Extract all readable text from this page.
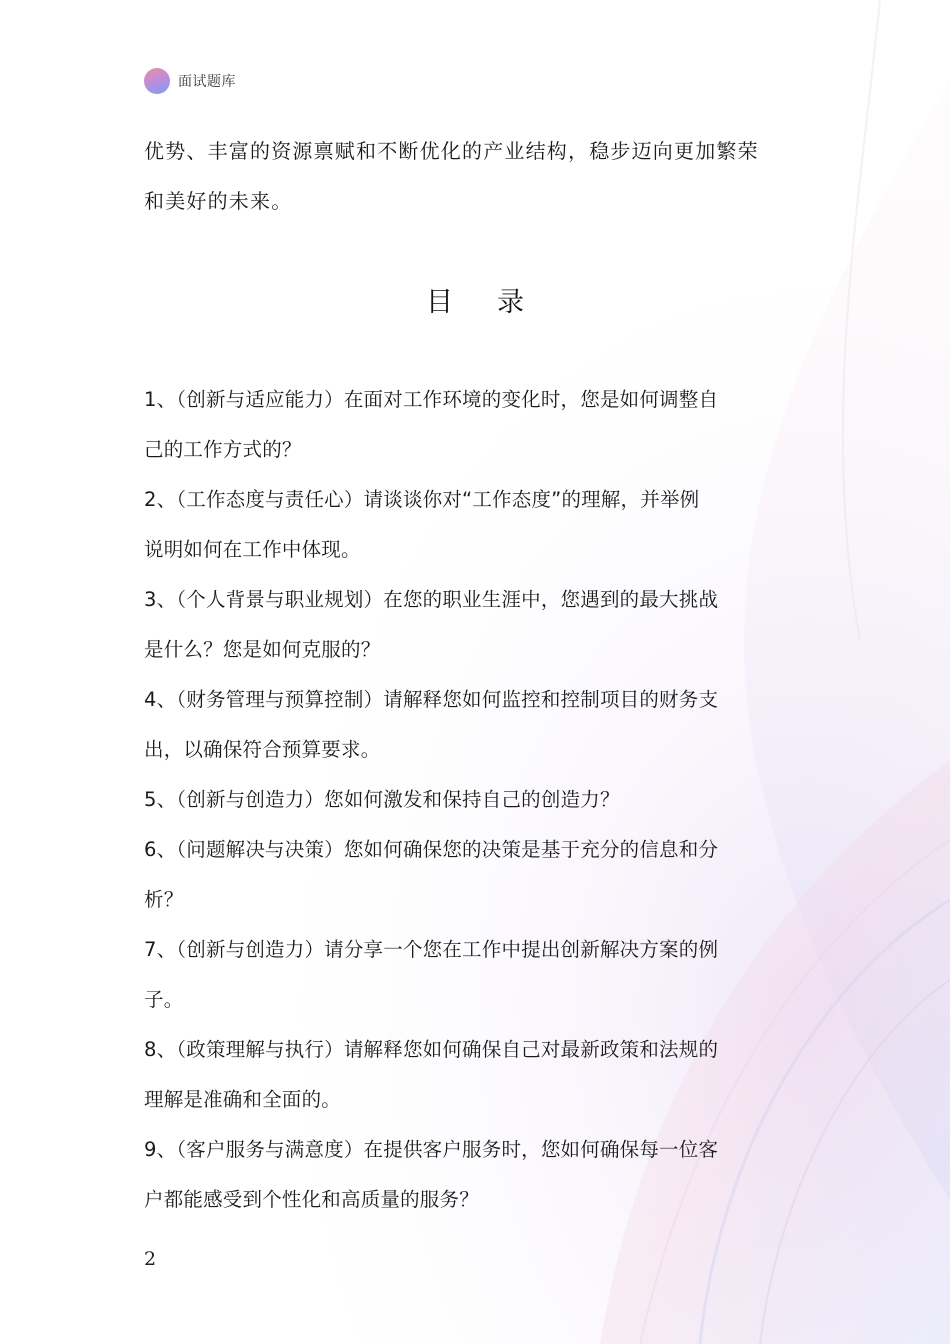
面试题库
优势、丰富的资源禀赋和不断优化的产业结构，稳步迈向更加繁荣
和美好的未来。
目 录
1、（创新与适应能力）在面对工作环境的变化时，您是如何调整自
己的工作方式的？
2、（工作态度与责任心）请谈谈你对“工作态度”的理解，并举例
说明如何在工作中体现。
3、（个人背景与职业规划）在您的职业生涯中，您遇到的最大挑战
是什么？您是如何克服的？
4、（财务管理与预算控制）请解释您如何监控和控制项目的财务支
出，以确保符合预算要求。
5、（创新与创造力）您如何激发和保持自己的创造力？
6、（问题解决与决策）您如何确保您的决策是基于充分的信息和分
析？
7、（创新与创造力）请分享一个您在工作中提出创新解决方案的例
子。
8、（政策理解与执行）请解释您如何确保自己对最新政策和法规的
理解是准确和全面的。
9、（客户服务与满意度）在提供客户服务时，您如何确保每一位客
户都能感受到个性化和高质量的服务？
2
